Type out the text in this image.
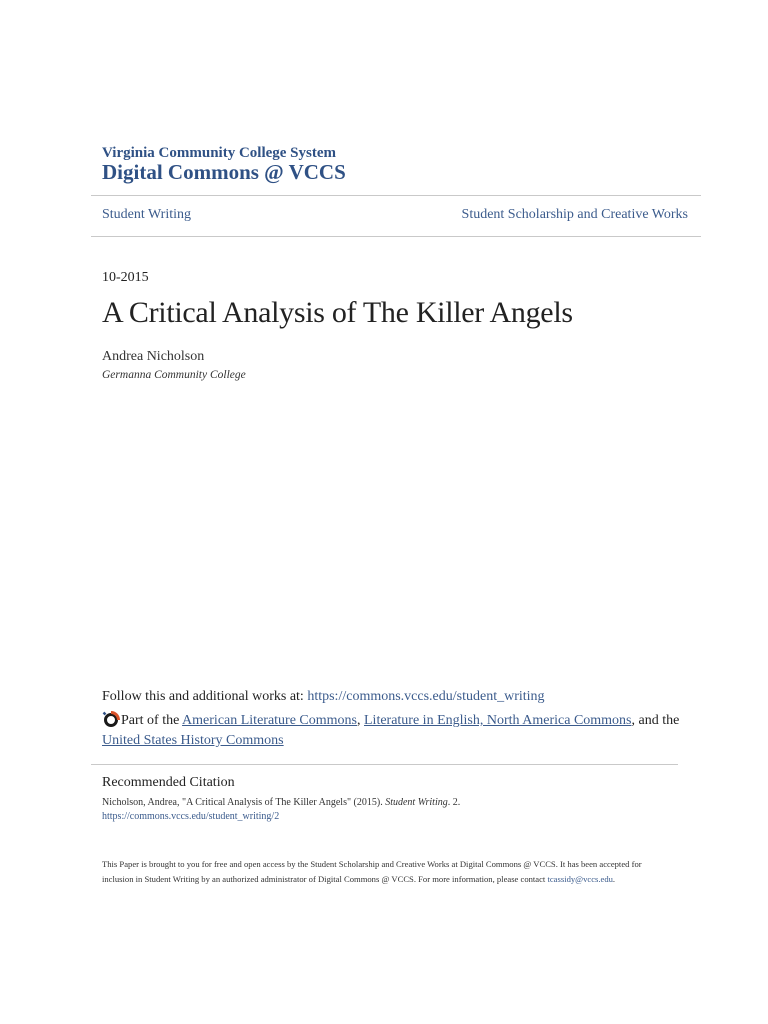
Virginia Community College System
Digital Commons @ VCCS
Student Writing	Student Scholarship and Creative Works
10-2015
A Critical Analysis of The Killer Angels
Andrea Nicholson
Germanna Community College
Follow this and additional works at: https://commons.vccs.edu/student_writing
Part of the American Literature Commons, Literature in English, North America Commons, and the United States History Commons
Recommended Citation
Nicholson, Andrea, "A Critical Analysis of The Killer Angels" (2015). Student Writing. 2.
https://commons.vccs.edu/student_writing/2
This Paper is brought to you for free and open access by the Student Scholarship and Creative Works at Digital Commons @ VCCS. It has been accepted for inclusion in Student Writing by an authorized administrator of Digital Commons @ VCCS. For more information, please contact tcassidy@vccs.edu.
